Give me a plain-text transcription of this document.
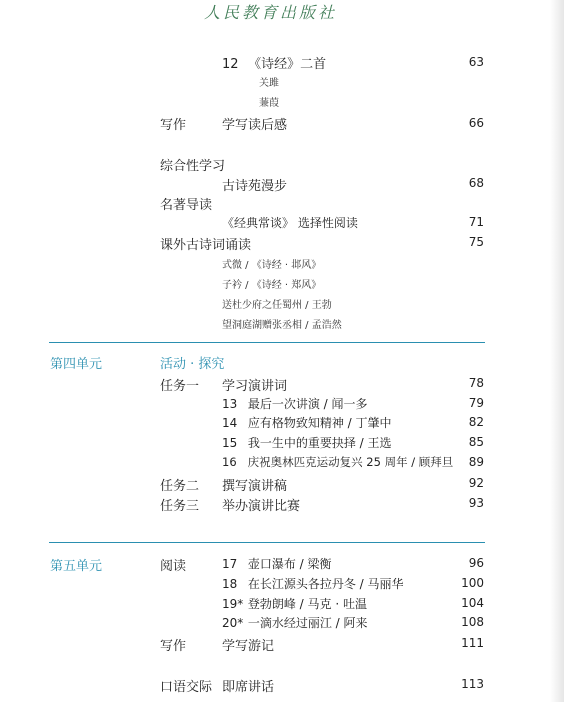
人民教育出版社
12 《诗经》二首	63
关雎
蒹葭
写作	学写读后感	66
综合性学习
古诗苑漫步	68
名著导读
《经典常谈》 选择性阅读	71
课外古诗词诵读	75
式微 / 《诗经 · 邶风》
子衿 / 《诗经 · 郑风》
送杜少府之任蜀州 / 王勃
望洞庭湖赠张丞相 / 孟浩然
第四单元	活动 · 探究
任务一 学习演讲词	78
13 最后一次讲演 / 闻一多	79
14 应有格物致知精神 / 丁肇中	82
15 我一生中的重要抉择 / 王选	85
16 庆祝奥林匹克运动复兴 25 周年 / 顾拜旦 89
任务二 撰写演讲稿	92
任务三 举办演讲比赛	93
第五单元	阅读	17 壶口瀑布 / 梁衡	96
18 在长江源头各拉丹冬 / 马丽华	100
19* 登勃朗峰 / 马克 · 吐温	104
20* 一滴水经过丽江 / 阿来	108
写作	学写游记	111
口语交际 即席讲话	113
